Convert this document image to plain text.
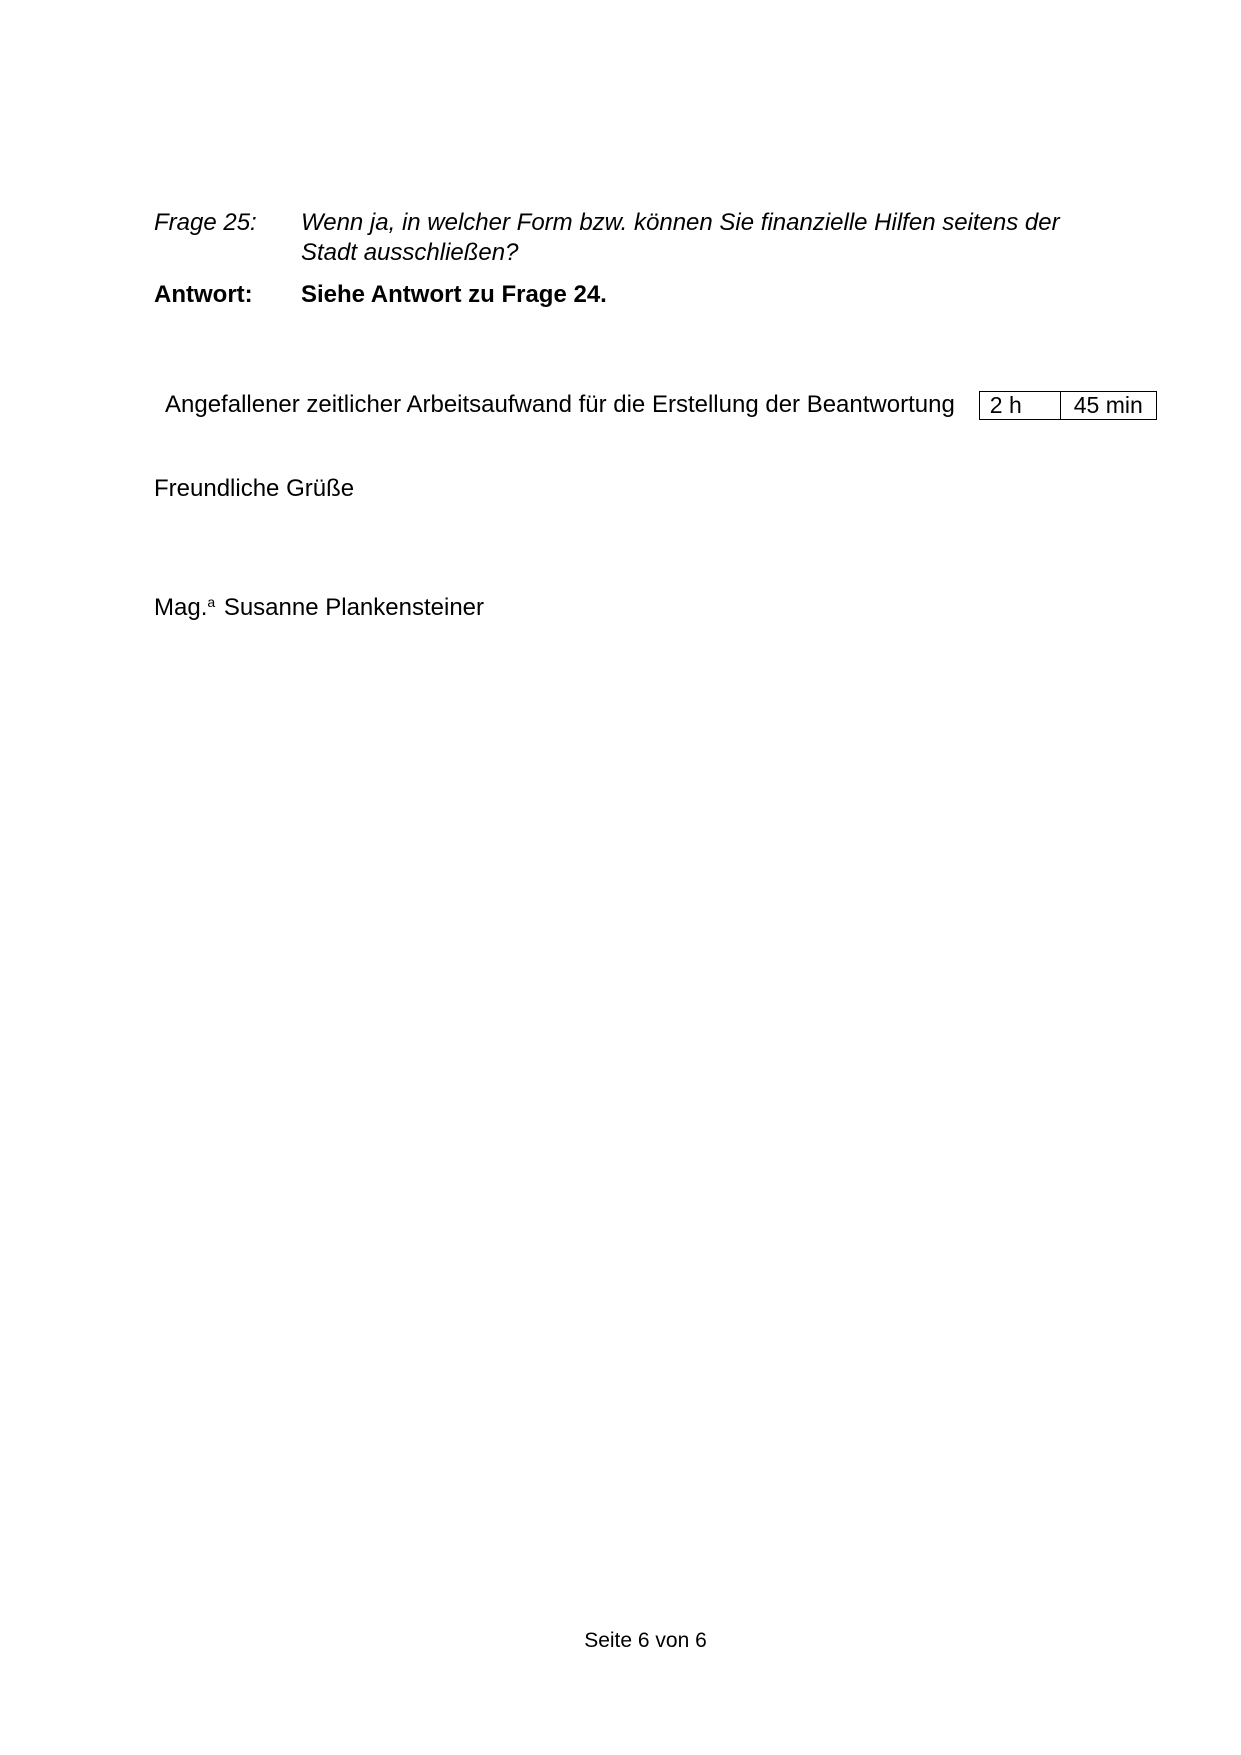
Frage 25:	Wenn ja, in welcher Form bzw. können Sie finanzielle Hilfen seitens der Stadt ausschließen?
Antwort:	Siehe Antwort zu Frage 24.
Angefallener zeitlicher Arbeitsaufwand für die Erstellung der Beantwortung	2 h	45 min
Freundliche Grüße
Mag.$^a$ Susanne Plankensteiner
Seite 6 von 6
